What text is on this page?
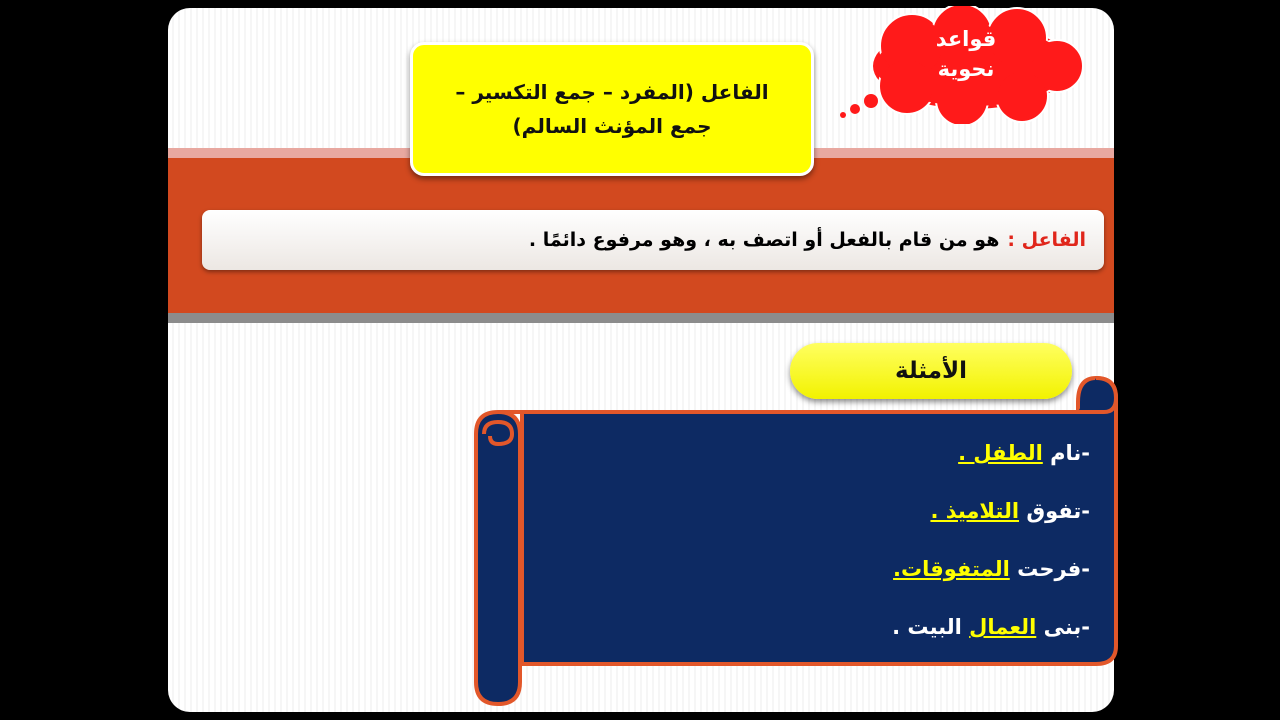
قواعد
نحوية
الفاعل (المفرد – جمع التكسير –
جمع المؤنث السالم)
الفاعل :
هو من قام بالفعل أو اتصف به ، وهو مرفوع دائمًا .
الأمثلة
-نام الطفل .
-تفوق التلاميذ .
-فرحت المتفوقات.
-بنى العمال البيت .
